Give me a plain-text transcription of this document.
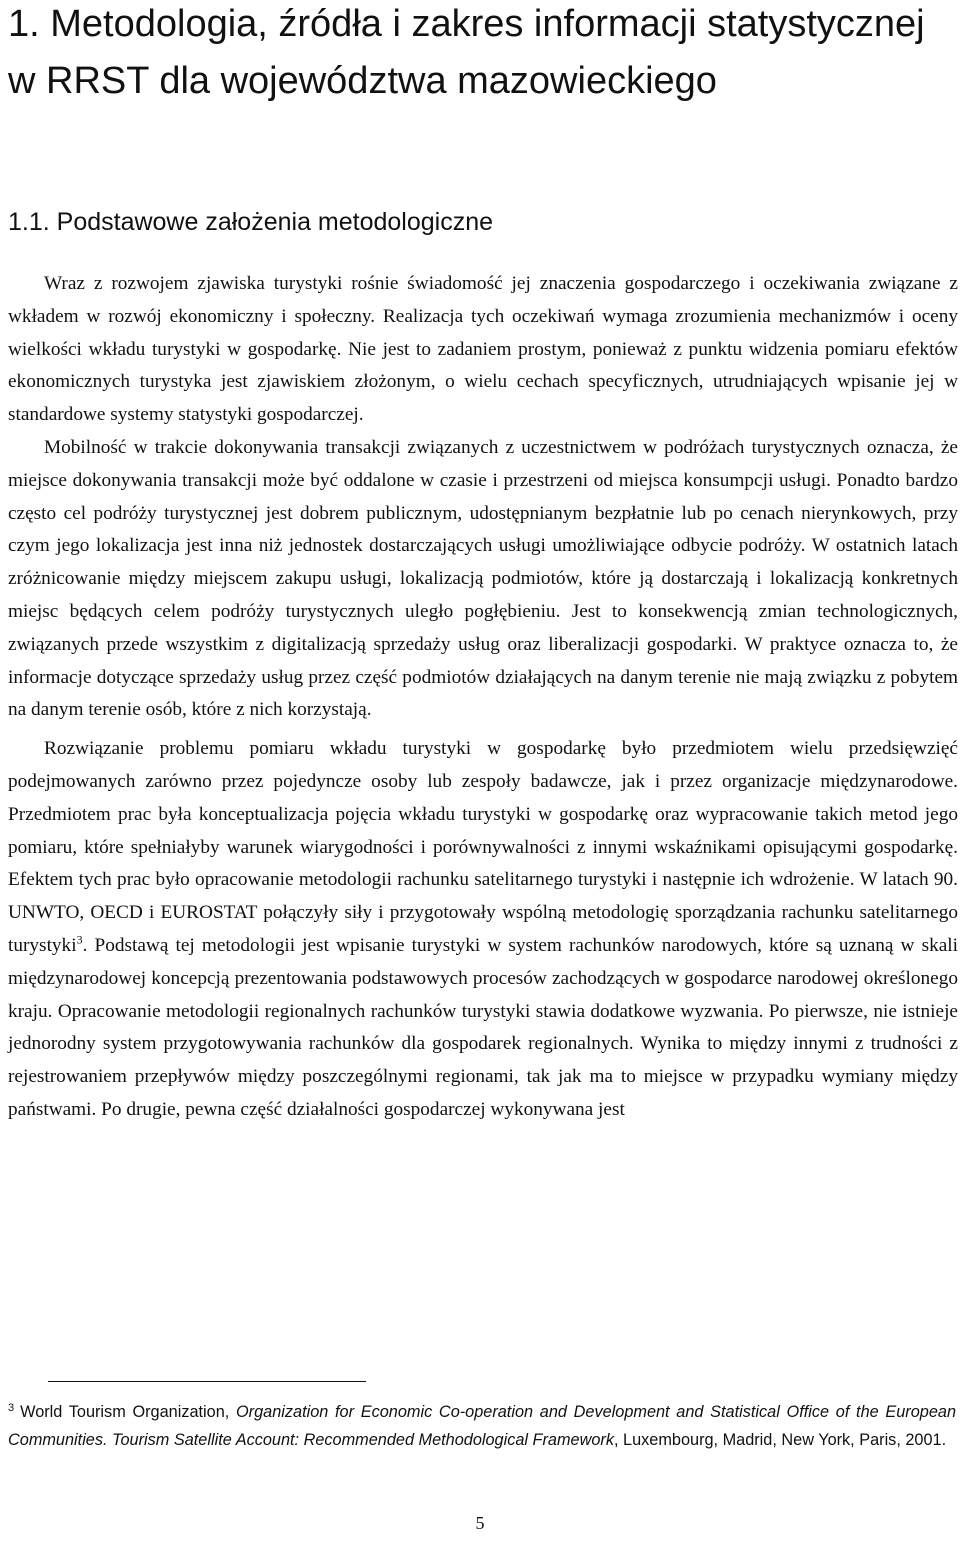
1. Metodologia, źródła i zakres informacji statystycznej w RRST dla województwa mazowieckiego
1.1. Podstawowe założenia metodologiczne

Wraz z rozwojem zjawiska turystyki rośnie świadomość jej znaczenia gospodarczego i oczekiwania związane z wkładem w rozwój ekonomiczny i społeczny. Realizacja tych oczekiwań wymaga zrozumienia mechanizmów i oceny wielkości wkładu turystyki w gospodarkę. Nie jest to zadaniem prostym, ponieważ z punktu widzenia pomiaru efektów ekonomicznych turystyka jest zjawiskiem złożonym, o wielu cechach specyficznych, utrudniających wpisanie jej w standardowe systemy statystyki gospodarczej.

Mobilność w trakcie dokonywania transakcji związanych z uczestnictwem w podróżach turystycznych oznacza, że miejsce dokonywania transakcji może być oddalone w czasie i przestrzeni od miejsca konsumpcji usługi. Ponadto bardzo często cel podróży turystycznej jest dobrem publicznym, udostępnianym bezpłatnie lub po cenach nierynkowych, przy czym jego lokalizacja jest inna niż jednostek dostarczających usługi umożliwiające odbycie podróży. W ostatnich latach zróżnicowanie między miejscem zakupu usługi, lokalizacją podmiotów, które ją dostarczają i lokalizacją konkretnych miejsc będących celem podróży turystycznych uległo pogłębieniu. Jest to konsekwencją zmian technologicznych, związanych przede wszystkim z digitalizacją sprzedaży usług oraz liberalizacji gospodarki. W praktyce oznacza to, że informacje dotyczące sprzedaży usług przez część podmiotów działających na danym terenie nie mają związku z pobytem na danym terenie osób, które z nich korzystają.

Rozwiązanie problemu pomiaru wkładu turystyki w gospodarkę było przedmiotem wielu przedsięwzięć podejmowanych zarówno przez pojedyncze osoby lub zespoły badawcze, jak i przez organizacje międzynarodowe. Przedmiotem prac była konceptualizacja pojęcia wkładu turystyki w gospodarkę oraz wypracowanie takich metod jego pomiaru, które spełniałyby warunek wiarygodności i porównywalności z innymi wskaźnikami opisującymi gospodarkę. Efektem tych prac było opracowanie metodologii rachunku satelitarnego turystyki i następnie ich wdrożenie. W latach 90. UNWTO, OECD i EUROSTAT połączyły siły i przygotowały wspólną metodologię sporządzania rachunku satelitarnego turystyki$^3$. Podstawą tej metodologii jest wpisanie turystyki w system rachunków narodowych, które są uznaną w skali międzynarodowej koncepcją prezentowania podstawowych procesów zachodzących w gospodarce narodowej określonego kraju. Opracowanie metodologii regionalnych rachunków turystyki stawia dodatkowe wyzwania. Po pierwsze, nie istnieje jednorodny system przygotowywania rachunków dla gospodarek regionalnych. Wynika to między innymi z trudności z rejestrowaniem przepływów między poszczególnymi regionami, tak jak ma to miejsce w przypadku wymiany między państwami. Po drugie, pewna część działalności gospodarczej wykonywana jest

$^3$ World Tourism Organization, Organization for Economic Co-operation and Development and Statistical Office of the European Communities. Tourism Satellite Account: Recommended Methodological Framework, Luxembourg, Madrid, New York, Paris, 2001.
5
